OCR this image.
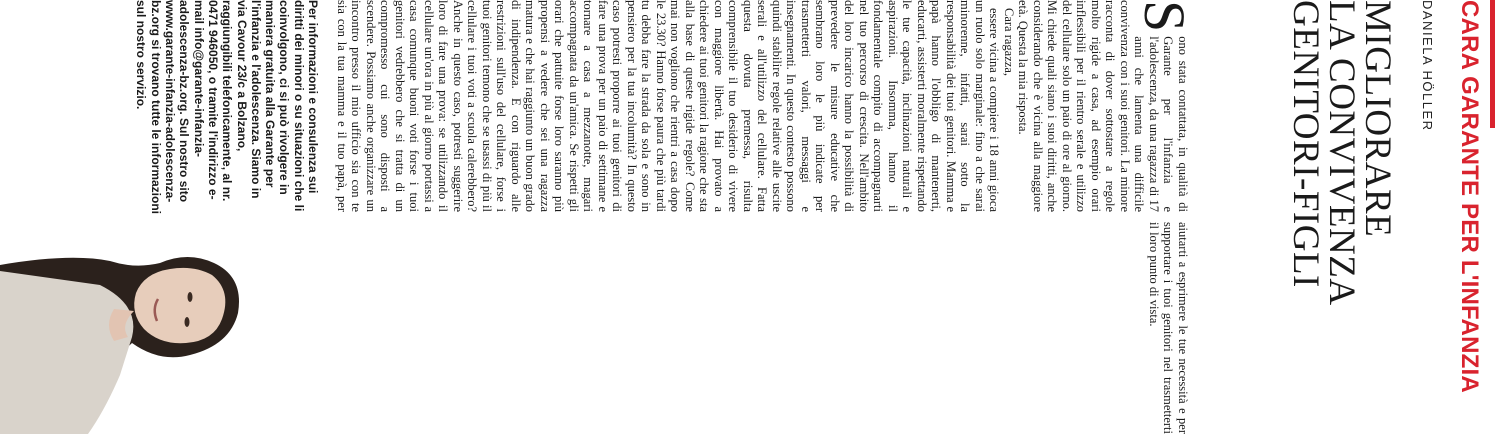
CARA GARANTE PER L'INFANZIA
DANIELA HÖLLER
MIGLIORARE
LA CONVIVENZA
GENITORI-FIGLI

S
ono stata contattata, in qualità di Garante per l'infanzia e l'adolescenza, da una ragazza di 17 anni che lamenta una difficile convivenza con i suoi genitori. La minore racconta di dover sottostare a regole molto rigide a casa, ad esempio orari inflessibili per il rientro serale e utilizzo del cellulare solo un paio di ore al giorno. Mi chiede quali siano i suoi diritti, anche considerando che è vicina alla maggiore età. Questa la mia risposta.

Cara ragazza,

essere vicina a compiere i 18 anni gioca un ruolo solo marginale: fino a che sarai minorenne, infatti, sarai sotto la responsabilità dei tuoi genitori. Mamma e papà hanno l'obbligo di mantenerti, educarti, assisterti moralmente rispettando le tue capacità, inclinazioni naturali e aspirazioni. Insomma, hanno il fondamentale compito di accompagnarti nel tuo percorso di crescita. Nell'ambito del loro incarico hanno la possibilità di prevedere le misure educative che sembrano loro le più indicate per trasmetterti valori, messaggi e insegnamenti. In questo contesto possono quindi stabilire regole relative alle uscite serali e all'utilizzo del cellulare. Fatta questa dovuta premessa, risulta comprensibile il tuo desiderio di vivere con maggiore libertà. Hai provato a chiedere ai tuoi genitori la ragione che sta alla base di queste rigide regole? Come mai non vogliono che rientri a casa dopo le 23.30? Hanno forse paura che più tardi tu debba fare la strada da sola e sono in pensiero per la tua incolumità? In questo caso potresti proporre ai tuoi genitori di fare una prova per un paio di settimane e tornare a casa a mezzanotte, magari accompagnata da un'amica. Se rispetti gli orari che pattuite forse loro saranno più propensi a vedere che sei una ragazza matura e che hai raggiunto un buon grado di indipendenza. E con riguardo alle restrizioni sull'uso del cellulare, forse i tuoi genitori temono che se usassi di più il cellulare i tuoi voti a scuola calerebbero? Anche in questo caso, potresti suggerire loro di fare una prova: se utilizzando il cellulare un'ora in più al giorno portassi a casa comunque buoni voti forse i tuoi genitori vedrebbero che si tratta di un compromesso cui sono disposti a scendere. Possiamo anche organizzare un incontro presso il mio ufficio sia con te sia con la tua mamma e il tuo papà, per aiutarti a esprimere le tue necessità e per supportare i tuoi genitori nel trasmetterti il loro punto di vista.

Per informazioni e consulenza sui diritti dei minori o su situazioni che li coinvolgono, ci si può rivolgere in maniera gratuita alla Garante per l'infanzia e l'adolescenza. Siamo in via Cavour 23/c a Bolzano, raggiungibili telefonicamente, al nr. 0471 946050, o tramite l'indirizzo e-mail info@garante-infanzia-adolescenza-bz.org. Sul nostro sito www.garante-infanzia-adolescenza-bz.org si trovano tutte le informazioni sul nostro servizio.
